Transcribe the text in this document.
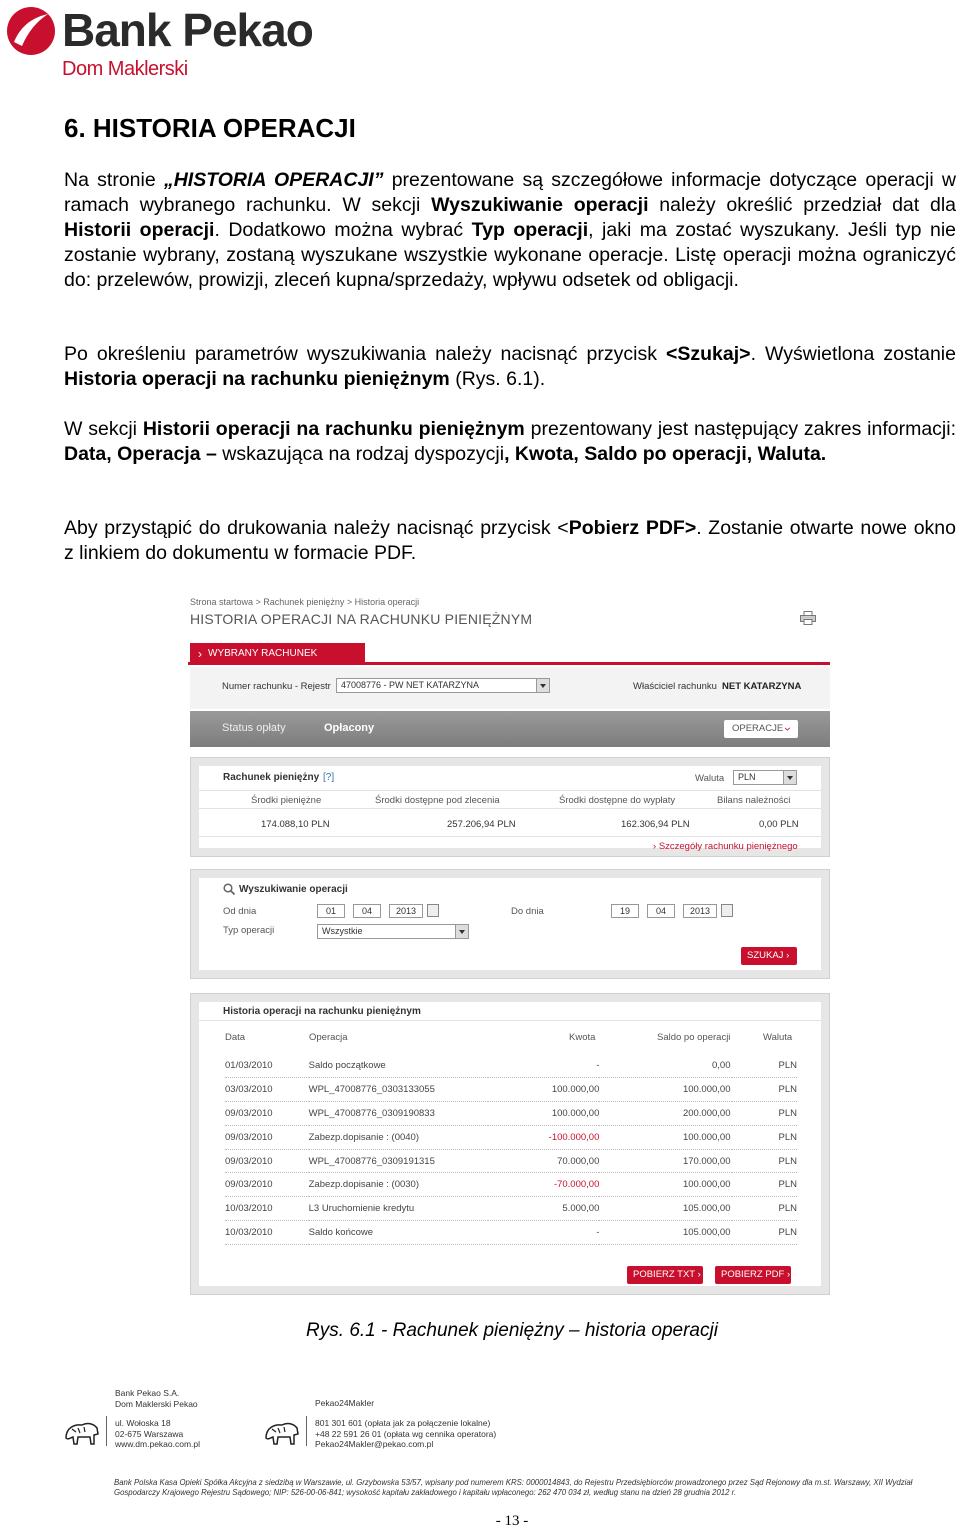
Bank Pekao
Dom Maklerski
6. HISTORIA OPERACJI

Na stronie „HISTORIA OPERACJI” prezentowane są szczegółowe informacje dotyczące operacji w ramach wybranego rachunku. W sekcji Wyszukiwanie operacji należy określić przedział dat dla Historii operacji. Dodatkowo można wybrać Typ operacji, jaki ma zostać wyszukany. Jeśli typ nie zostanie wybrany, zostaną wyszukane wszystkie wykonane operacje. Listę operacji można ograniczyć do: przelewów, prowizji, zleceń kupna/sprzedaży, wpływu odsetek od obligacji.

Po określeniu parametrów wyszukiwania należy nacisnąć przycisk <Szukaj>. Wyświetlona zostanie Historia operacji na rachunku pieniężnym (Rys. 6.1).

W sekcji Historii operacji na rachunku pieniężnym prezentowany jest następujący zakres informacji: Data, Operacja – wskazująca na rodzaj dyspozycji, Kwota, Saldo po operacji, Waluta.

Aby przystąpić do drukowania należy nacisnąć przycisk <Pobierz PDF>. Zostanie otwarte nowe okno z linkiem do dokumentu w formacie PDF.

Strona startowa > Rachunek pieniężny > Historia operacji
HISTORIA OPERACJI NA RACHUNKU PIENIĘŻNYM
› WYBRANY RACHUNEK
Numer rachunku - Rejestr	47008776 - PW NET KATARZYNA	Właściciel rachunku NET KATARZYNA
Status opłaty	Opłacony	OPERACJE ›
Rachunek pieniężny [?]	Waluta	PLN
Środki pieniężne	Środki dostępne pod zlecenia	Środki dostępne do wypłaty	Bilans należności
174.088,10 PLN	257.206,94 PLN	162.306,94 PLN	0,00 PLN
› Szczegóły rachunku pieniężnego
Wyszukiwanie operacji
Od dnia	01	04	2013	Do dnia	19	04	2013
Typ operacji	Wszystkie
SZUKAJ ›
Historia operacji na rachunku pieniężnym
Data	Operacja	Kwota	Saldo po operacji	Waluta
01/03/2010	Saldo początkowe	-	0,00	PLN
03/03/2010	WPL_47008776_0303133055	100.000,00	100.000,00	PLN
09/03/2010	WPL_47008776_0309190833	100.000,00	200.000,00	PLN
09/03/2010	Zabezp.dopisanie : (0040)	-100.000,00	100.000,00	PLN
09/03/2010	WPL_47008776_0309191315	70.000,00	170.000,00	PLN
09/03/2010	Zabezp.dopisanie : (0030)	-70.000,00	100.000,00	PLN
10/03/2010	L3 Uruchomienie kredytu	5.000,00	105.000,00	PLN
10/03/2010	Saldo końcowe	-	105.000,00	PLN
POBIERZ TXT ›	POBIERZ PDF ›
Rys. 6.1 - Rachunek pieniężny – historia operacji
Bank Pekao S.A.
Dom Maklerski Pekao
ul. Wołoska 18
02-675 Warszawa
www.dm.pekao.com.pl
Pekao24Makler
801 301 601 (opłata jak za połączenie lokalne)
+48 22 591 26 01 (opłata wg cennika operatora)
Pekao24Makler@pekao.com.pl
Bank Polska Kasa Opieki Spółka Akcyjna z siedzibą w Warszawie, ul. Grzybowska 53/57, wpisany pod numerem KRS: 0000014843, do Rejestru Przedsiębiorców prowadzonego przez Sąd Rejonowy dla m.st. Warszawy, XII Wydział Gospodarczy Krajowego Rejestru Sądowego; NIP: 526-00-06-841; wysokość kapitału zakładowego i kapitału wpłaconego: 262 470 034 zł, według stanu na dzień 28 grudnia 2012 r.
- 13 -
